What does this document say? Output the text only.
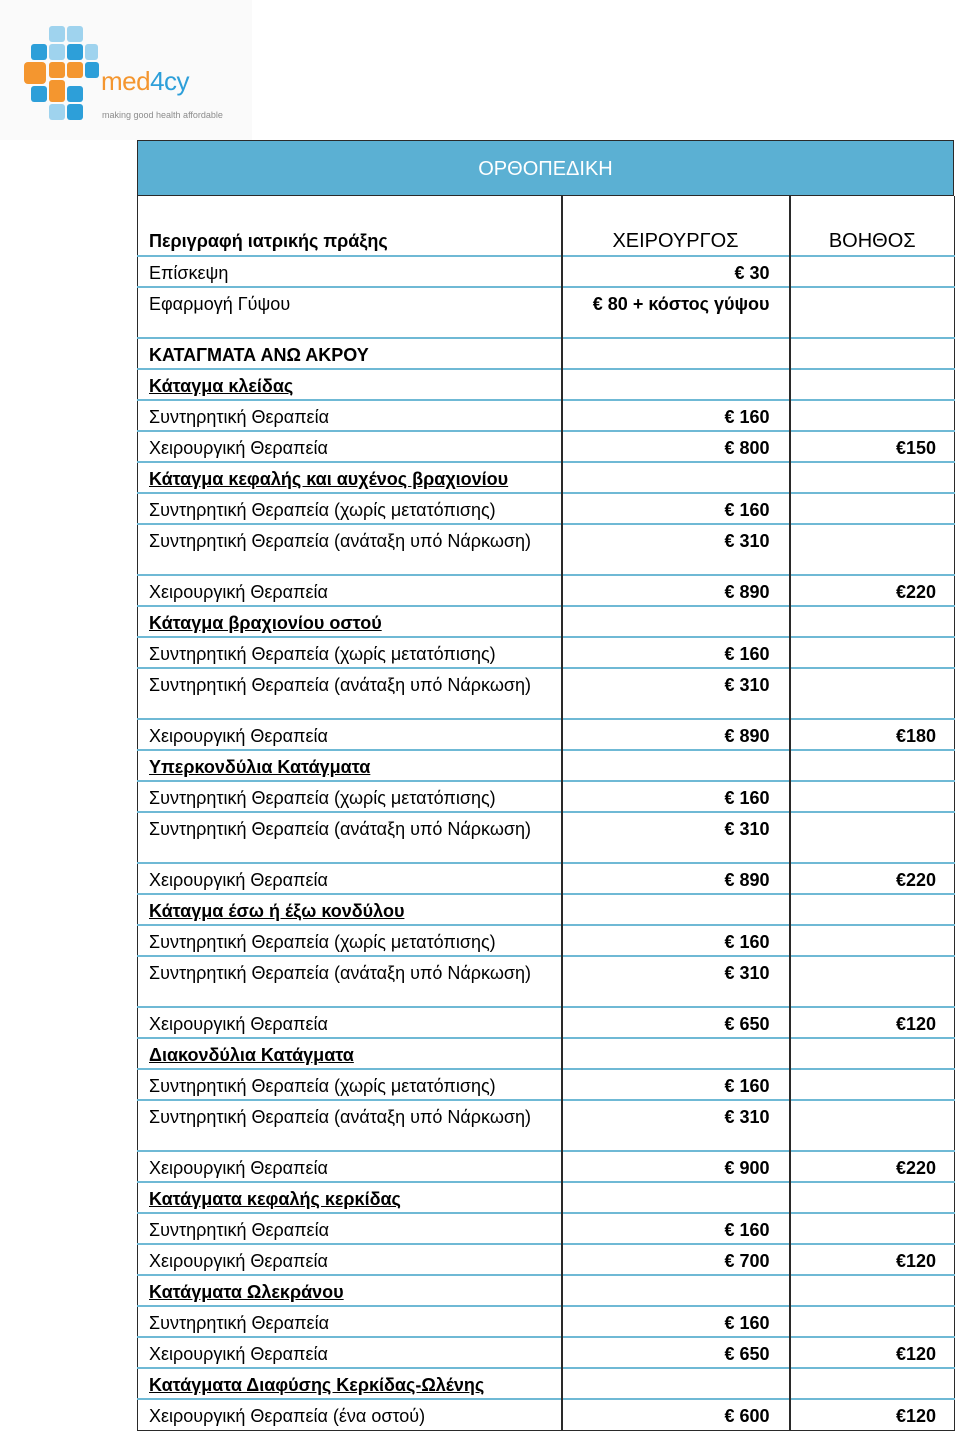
med4cy
making good health affordable
ΟΡΘΟΠΕΔΙΚΗ
Περιγραφή ιατρικής πράξης	ΧΕΙΡΟΥΡΓΟΣ	ΒΟΗΘΟΣ
Επίσκεψη	€ 30	
Εφαρμογή Γύψου	€ 80 + κόστος γύψου	
ΚΑΤΑΓΜΑΤΑ ΑΝΩ ΑΚΡΟΥ		
Κάταγμα κλείδας		
Συντηρητική Θεραπεία	€ 160	
Χειρουργική Θεραπεία	€ 800	€150
Κάταγμα κεφαλής και αυχένος βραχιονίου		
Συντηρητική Θεραπεία (χωρίς μετατόπισης)	€ 160	
Συντηρητική Θεραπεία (ανάταξη υπό Νάρκωση)	€ 310	
Χειρουργική Θεραπεία	€ 890	€220
Κάταγμα βραχιονίου οστού		
Συντηρητική Θεραπεία (χωρίς μετατόπισης)	€ 160	
Συντηρητική Θεραπεία (ανάταξη υπό Νάρκωση)	€ 310	
Χειρουργική Θεραπεία	€ 890	€180
Υπερκονδύλια Κατάγματα		
Συντηρητική Θεραπεία (χωρίς μετατόπισης)	€ 160	
Συντηρητική Θεραπεία (ανάταξη υπό Νάρκωση)	€ 310	
Χειρουργική Θεραπεία	€ 890	€220
Κάταγμα έσω ή έξω κονδύλου		
Συντηρητική Θεραπεία (χωρίς μετατόπισης)	€ 160	
Συντηρητική Θεραπεία (ανάταξη υπό Νάρκωση)	€ 310	
Χειρουργική Θεραπεία	€ 650	€120
Διακονδύλια Κατάγματα		
Συντηρητική Θεραπεία (χωρίς μετατόπισης)	€ 160	
Συντηρητική Θεραπεία (ανάταξη υπό Νάρκωση)	€ 310	
Χειρουργική Θεραπεία	€ 900	€220
Κατάγματα κεφαλής κερκίδας		
Συντηρητική Θεραπεία	€ 160	
Χειρουργική Θεραπεία	€ 700	€120
Κατάγματα Ωλεκράνου		
Συντηρητική Θεραπεία	€ 160	
Χειρουργική Θεραπεία	€ 650	€120
Κατάγματα Διαφύσης Κερκίδας-Ωλένης		
Χειρουργική Θεραπεία (ένα οστού)	€ 600	€120
